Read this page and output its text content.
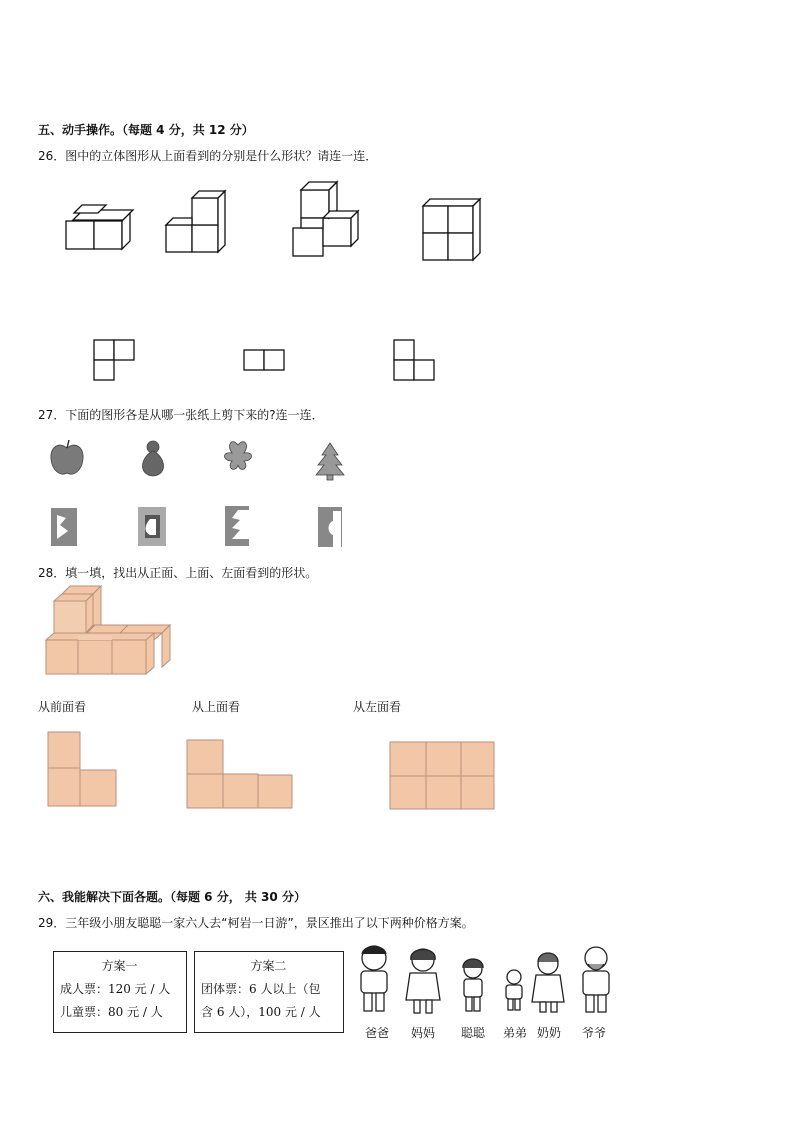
五、动手操作。（每题 4 分，共 12 分）
26．图中的立体图形从上面看到的分别是什么形状？请连一连．
27．下面的图形各是从哪一张纸上剪下来的?连一连．
28．填一填，找出从正面、上面、左面看到的形状。
从前面看	从上面看	从左面看
六、我能解决下面各题。（每题 6 分， 共 30 分）
29．三年级小朋友聪聪一家六人去“柯岩一日游”，景区推出了以下两种价格方案。
方案一
成人票：120 元 / 人
儿童票：80 元 / 人
方案二
团体票：6 人以上（包
含 6 人），100 元 / 人
爸爸 妈妈 聪聪 弟弟 奶奶 爷爷
